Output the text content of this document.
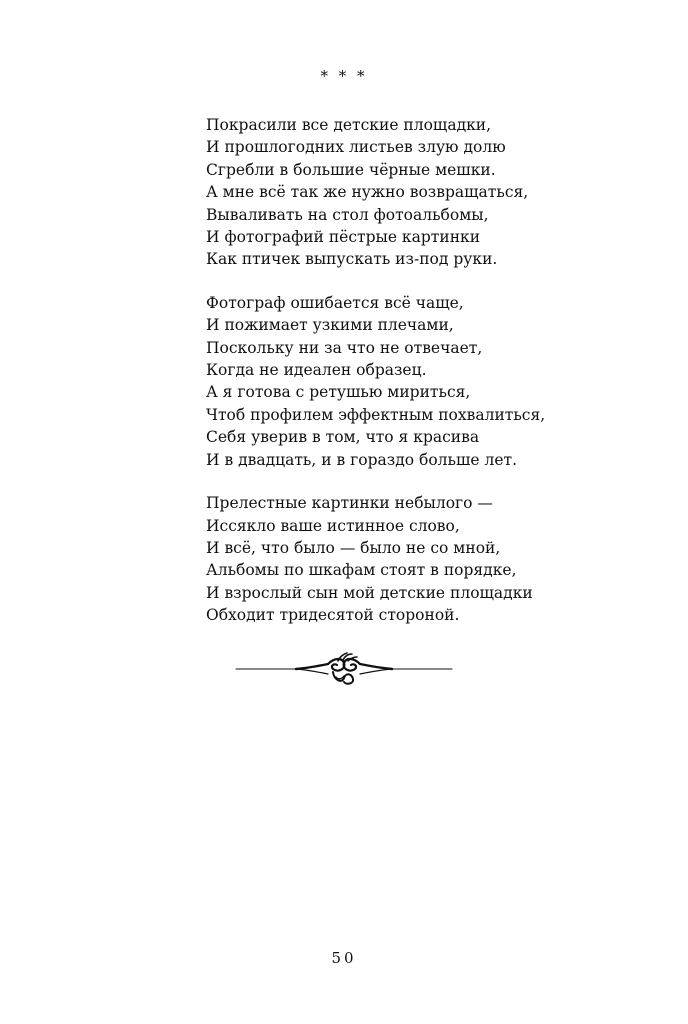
* * *
Покрасили все детские площадки,
И прошлогодних листьев злую долю
Сгребли в большие чёрные мешки.
А мне всё так же нужно возвращаться,
Вываливать на стол фотоальбомы,
И фотографий пёстрые картинки
Как птичек выпускать из-под руки.
Фотограф ошибается всё чаще,
И пожимает узкими плечами,
Поскольку ни за что не отвечает,
Когда не идеален образец.
А я готова с ретушью мириться,
Чтоб профилем эффектным похвалиться,
Себя уверив в том, что я красива
И в двадцать, и в гораздо больше лет.
Прелестные картинки небылого —
Иссякло ваше истинное слово,
И всё, что было — было не со мной,
Альбомы по шкафам стоят в порядке,
И взрослый сын мой детские площадки
Обходит тридесятой стороной.
50
